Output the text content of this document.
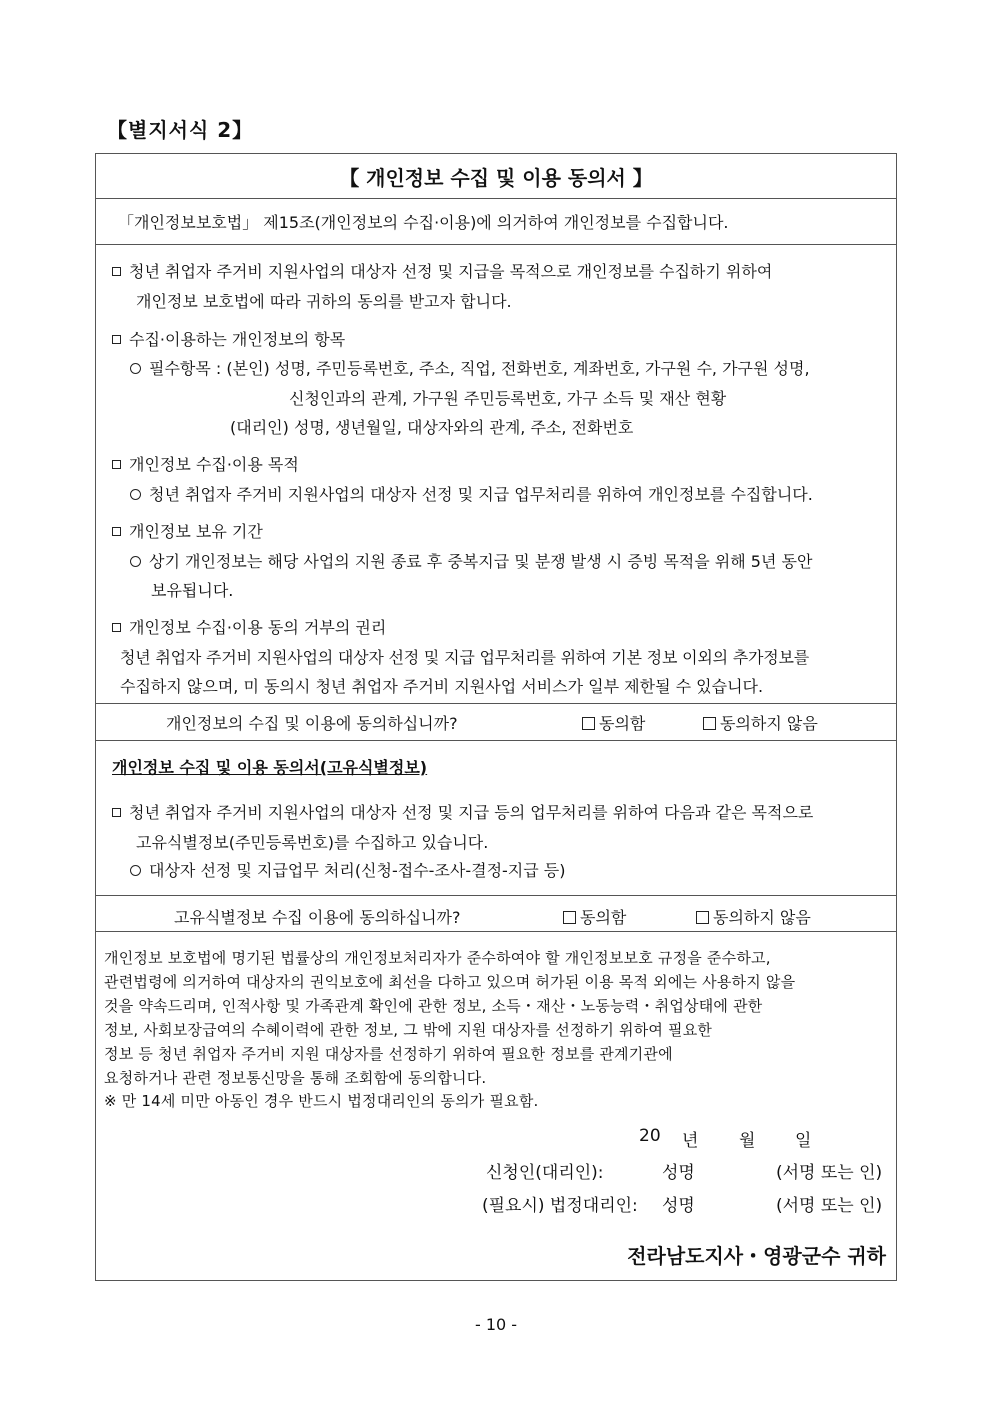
【별지서식 2】
【 개인정보 수집 및 이용 동의서 】
「개인정보보호법」 제15조(개인정보의 수집·이용)에 의거하여 개인정보를 수집합니다.
청년 취업자 주거비 지원사업의 대상자 선정 및 지급을 목적으로 개인정보를 수집하기 위하여
개인정보 보호법에 따라 귀하의 동의를 받고자 합니다.
수집·이용하는 개인정보의 항목
필수항목 : (본인) 성명, 주민등록번호, 주소, 직업, 전화번호, 계좌번호, 가구원 수, 가구원 성명,
신청인과의 관계, 가구원 주민등록번호, 가구 소득 및 재산 현황
(대리인) 성명, 생년월일, 대상자와의 관계, 주소, 전화번호
개인정보 수집·이용 목적
청년 취업자 주거비 지원사업의 대상자 선정 및 지급 업무처리를 위하여 개인정보를 수집합니다.
개인정보 보유 기간
상기 개인정보는 해당 사업의 지원 종료 후 중복지급 및 분쟁 발생 시 증빙 목적을 위해 5년 동안
보유됩니다.
개인정보 수집·이용 동의 거부의 권리
청년 취업자 주거비 지원사업의 대상자 선정 및 지급 업무처리를 위하여 기본 정보 이외의 추가정보를
수집하지 않으며, 미 동의시 청년 취업자 주거비 지원사업 서비스가 일부 제한될 수 있습니다.
개인정보의 수집 및 이용에 동의하십니까?	동의함	동의하지 않음
개인정보 수집 및 이용 동의서(고유식별정보)
청년 취업자 주거비 지원사업의 대상자 선정 및 지급 등의 업무처리를 위하여 다음과 같은 목적으로
고유식별정보(주민등록번호)를 수집하고 있습니다.
대상자 선정 및 지급업무 처리(신청-접수-조사-결정-지급 등)
고유식별정보 수집 이용에 동의하십니까?	동의함	동의하지 않음
개인정보 보호법에 명기된 법률상의 개인정보처리자가 준수하여야 할 개인정보보호 규정을 준수하고,
관련법령에 의거하여 대상자의 권익보호에 최선을 다하고 있으며 허가된 이용 목적 외에는 사용하지 않을
것을 약속드리며, 인적사항 및 가족관계 확인에 관한 정보, 소득・재산・노동능력・취업상태에 관한
정보, 사회보장급여의 수혜이력에 관한 정보, 그 밖에 지원 대상자를 선정하기 위하여 필요한
정보 등 청년 취업자 주거비 지원 대상자를 선정하기 위하여 필요한 정보를 관계기관에
요청하거나 관련 정보통신망을 통해 조회함에 동의합니다.
※ 만 14세 미만 아동인 경우 반드시 법정대리인의 동의가 필요함.
20 년 월 일
신청인(대리인):	성명	(서명 또는 인)
(필요시) 법정대리인: 성명	(서명 또는 인)
전라남도지사・영광군수 귀하
- 10 -
